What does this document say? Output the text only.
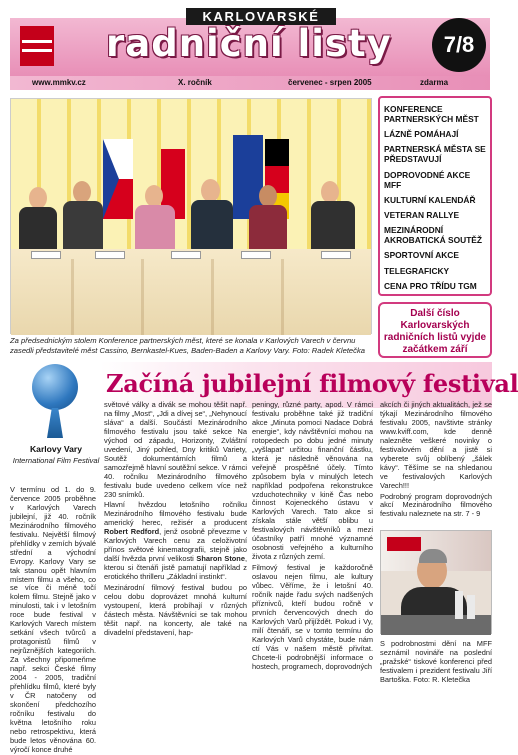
KARLOVARSKÉ
radniční listy	7/8
www.mmkv.cz	X. ročník	červenec - srpen 2005	zdarma
Za předsednickým stolem Konference partnerských měst, které se konala v Karlových Varech v červnu zasedli představitelé měst Cassino, Bernkastel-Kues, Baden-Baden a Karlovy Vary. Foto: Radek Kletečka
KONFERENCE PARTNERSKÝCH MĚST
LÁZNĚ POMÁHAJÍ
PARTNERSKÁ MĚSTA SE PŘEDSTAVUJÍ
DOPROVODNÉ AKCE MFF
KULTURNÍ KALENDÁŘ
VETERAN RALLYE
MEZINÁRODNÍ AKROBATICKÁ SOUTĚŽ
SPORTOVNÍ AKCE
TELEGRAFICKY
CENA PRO TŘÍDU TGM
Další číslo Karlovarských radničních listů vyjde začátkem září
Začíná jubilejní filmový festival
Karlovy Vary
International Film Festival

V termínu od 1. do 9. července 2005 proběhne v Karlových Varech jubilejní, již 40. ročník Mezinárodního filmového festivalu. Největší filmový přehlídky v zemích bývalé střední a východní Evropy. Karlovy Vary se tak stanou opět hlavním místem filmu a všeho, co se více či méně točí kolem filmu. Stejně jako v minulosti, tak i v letošním roce bude festival v Karlových Varech místem setkání všech tvůrců a protagonistů filmů v nejrůznějších kategoriích. Za všechny připomeňme např. sekci České filmy 2004 - 2005, tradiční přehlídku filmů, které byly v ČR natočeny od skončení předchozího ročníku festivalu do května letošního roku nebo retrospektivu, která bude letos věnována 60. výročí konce druhé

světové války a divák se mohou těšit např. na filmy „Most“, „Jdi a dívej se“, „Nehynoucí sláva“ a další. Součástí Mezinárodního filmového festivalu jsou také sekce Na východ od západu, Horizonty, Zvláštní uvedení, Jiný pohled, Dny kritiků Variety, Soutěž dokumentárních filmů a samozřejmě hlavní soutěžní sekce. V rámci 40. ročníku Mezinárodního filmového festivalu bude uvedeno celkem více než 230 snímků.

Hlavní hvězdou letošního ročníku Mezinárodního filmového festivalu bude americký herec, režisér a producent Robert Redford, jenž osobně převezme v Karlových Varech cenu za celoživotní přínos světové kinematografii, stejně jako další hvězda první velikosti Sharon Stone, kterou si čtenáři jistě pamatují například z erotického thrilleru „Základní instinkt“.

Mezinárodní filmový festival budou po celou dobu doprovázet mnohá kulturní vystoupení, která probíhají v různých částech města. Návštěvníci se tak mohou těšit např. na koncerty, ale také na divadelní představení, hap-

peningy, různé party, apod. V rámci festivalu proběhne také již tradiční akce „Minuta pomoci Nadace Dobrá energie“, kdy návštěvníci mohou na rotopedech po dobu jedné minuty „vyšlapat“ určitou finanční částku, která je následně věnována na veřejně prospěšné účely. Tímto způsobem byla v minulých letech například podpořena rekonstrukce vzduchotechniky v kině Čas nebo činnost Kojeneckého ústavu v Karlových Varech. Tato akce si získala stále větší oblibu u festivalových návštěvníků a mezi účastníky patří mnohé významné osobnosti veřejného a kulturního života z různých zemí.

Filmový festival je každoročně oslavou nejen filmu, ale kultury vůbec. Věříme, že i letošní 40. ročník najde řadu svých nadšených příznivců, kteří budou ročně v prvních červencových dnech do Karlových Varů přijíždět. Pokud i Vy, milí čtenáři, se v tomto termínu do Karlových Varů chystáte, bude nám ctí Vás v našem městě přivítat. Chcete-li podrobnější informace o hostech, programech, doprovodných

akcích či jiných aktualitách, jež se týkají Mezinárodního filmového festivalu 2005, navštivte stránky www.kviff.com, kde denně nalezněte veškeré novinky o festivalovém dění a jistě si vyberete svůj oblíbený „šálek kávy“. Těšíme se na shledanou ve festivalových Karlových Varech!!!

Podrobný program doprovodných akcí Mezinárodního filmového festivalu naleznete na str. 7 - 9

S podrobnostmi dění na MFF seznámil novináře na poslední „pražské“ tiskové konferenci před festivalem i prezident festivalu Jiří Bartoška. Foto: R. Kletečka
